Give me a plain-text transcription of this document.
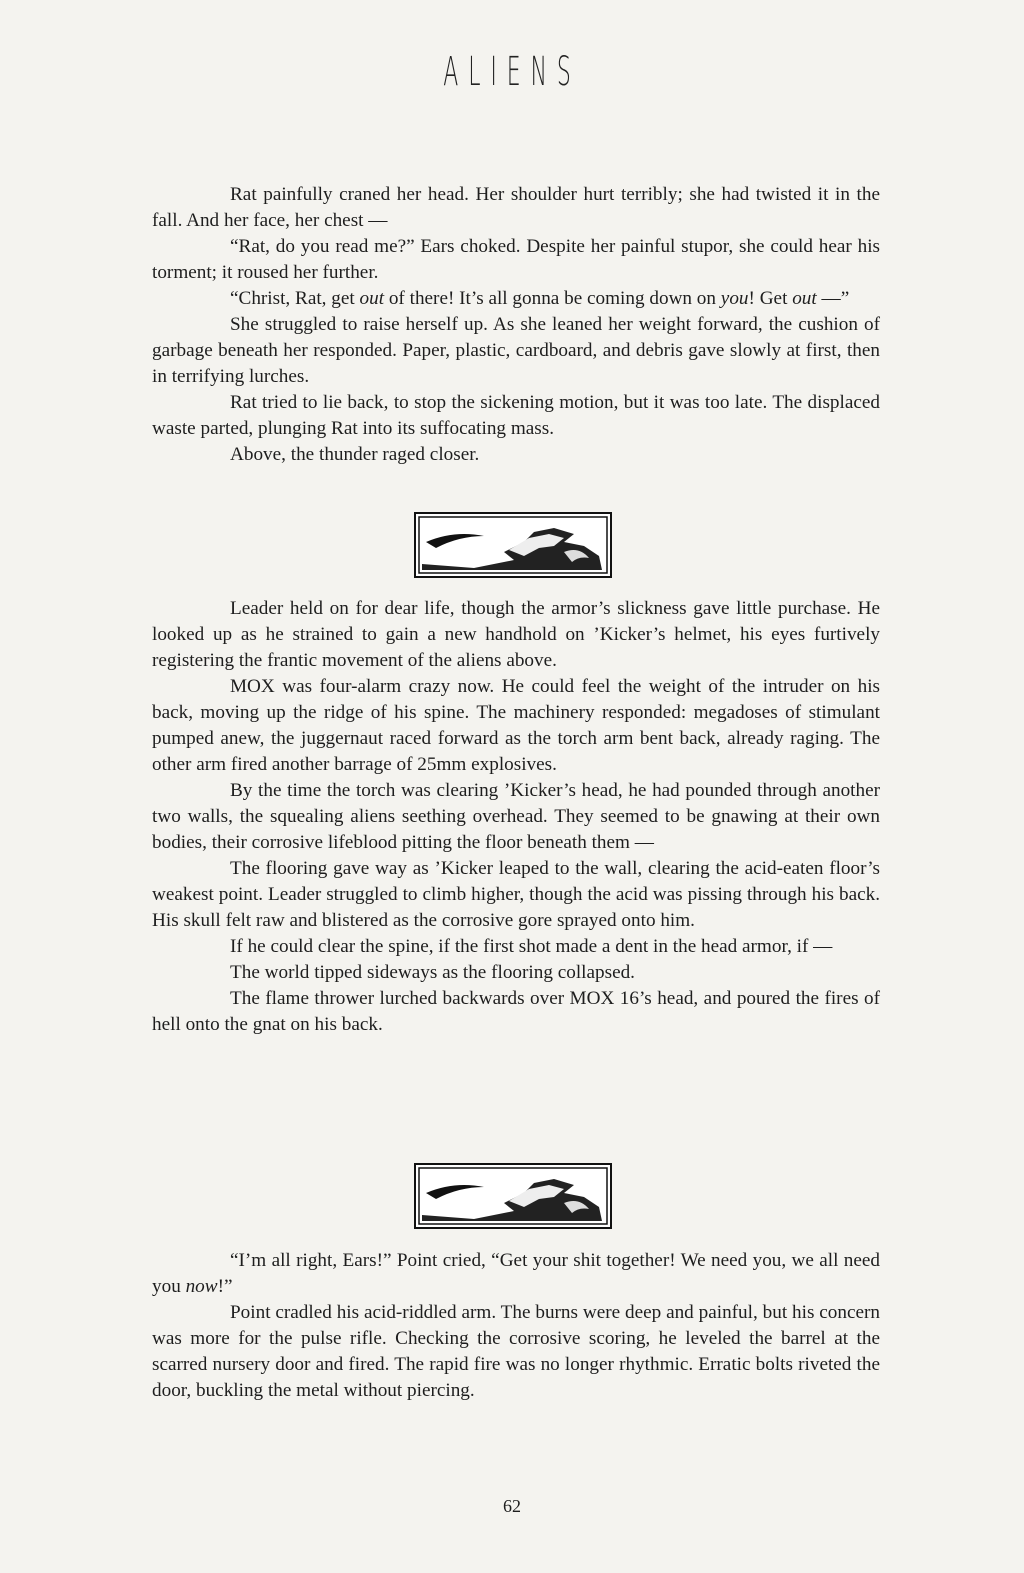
ALIENS

Rat painfully craned her head. Her shoulder hurt terribly; she had twisted it in the fall. And her face, her chest —

“Rat, do you read me?” Ears choked. Despite her painful stupor, she could hear his torment; it roused her further.

“Christ, Rat, get out of there! It’s all gonna be coming down on you! Get out —”

She struggled to raise herself up. As she leaned her weight forward, the cushion of garbage beneath her responded. Paper, plastic, cardboard, and debris gave slowly at first, then in terrifying lurches.

Rat tried to lie back, to stop the sickening motion, but it was too late. The displaced waste parted, plunging Rat into its suffocating mass.

Above, the thunder raged closer.

Leader held on for dear life, though the armor’s slickness gave little purchase. He looked up as he strained to gain a new handhold on ’Kicker’s helmet, his eyes furtively registering the frantic movement of the aliens above.

MOX was four-alarm crazy now. He could feel the weight of the intruder on his back, moving up the ridge of his spine. The machinery responded: megadoses of stimulant pumped anew, the juggernaut raced forward as the torch arm bent back, already raging. The other arm fired another barrage of 25mm explosives.

By the time the torch was clearing ’Kicker’s head, he had pounded through another two walls, the squealing aliens seething overhead. They seemed to be gnawing at their own bodies, their corrosive lifeblood pitting the floor beneath them —

The flooring gave way as ’Kicker leaped to the wall, clearing the acid-eaten floor’s weakest point. Leader struggled to climb higher, though the acid was pissing through his back. His skull felt raw and blistered as the corrosive gore sprayed onto him.

If he could clear the spine, if the first shot made a dent in the head armor, if —

The world tipped sideways as the flooring collapsed.

The flame thrower lurched backwards over MOX 16’s head, and poured the fires of hell onto the gnat on his back.

“I’m all right, Ears!” Point cried, “Get your shit together! We need you, we all need you now!”

Point cradled his acid-riddled arm. The burns were deep and painful, but his concern was more for the pulse rifle. Checking the corrosive scoring, he leveled the barrel at the scarred nursery door and fired. The rapid fire was no longer rhythmic. Erratic bolts riveted the door, buckling the metal without piercing.

62
